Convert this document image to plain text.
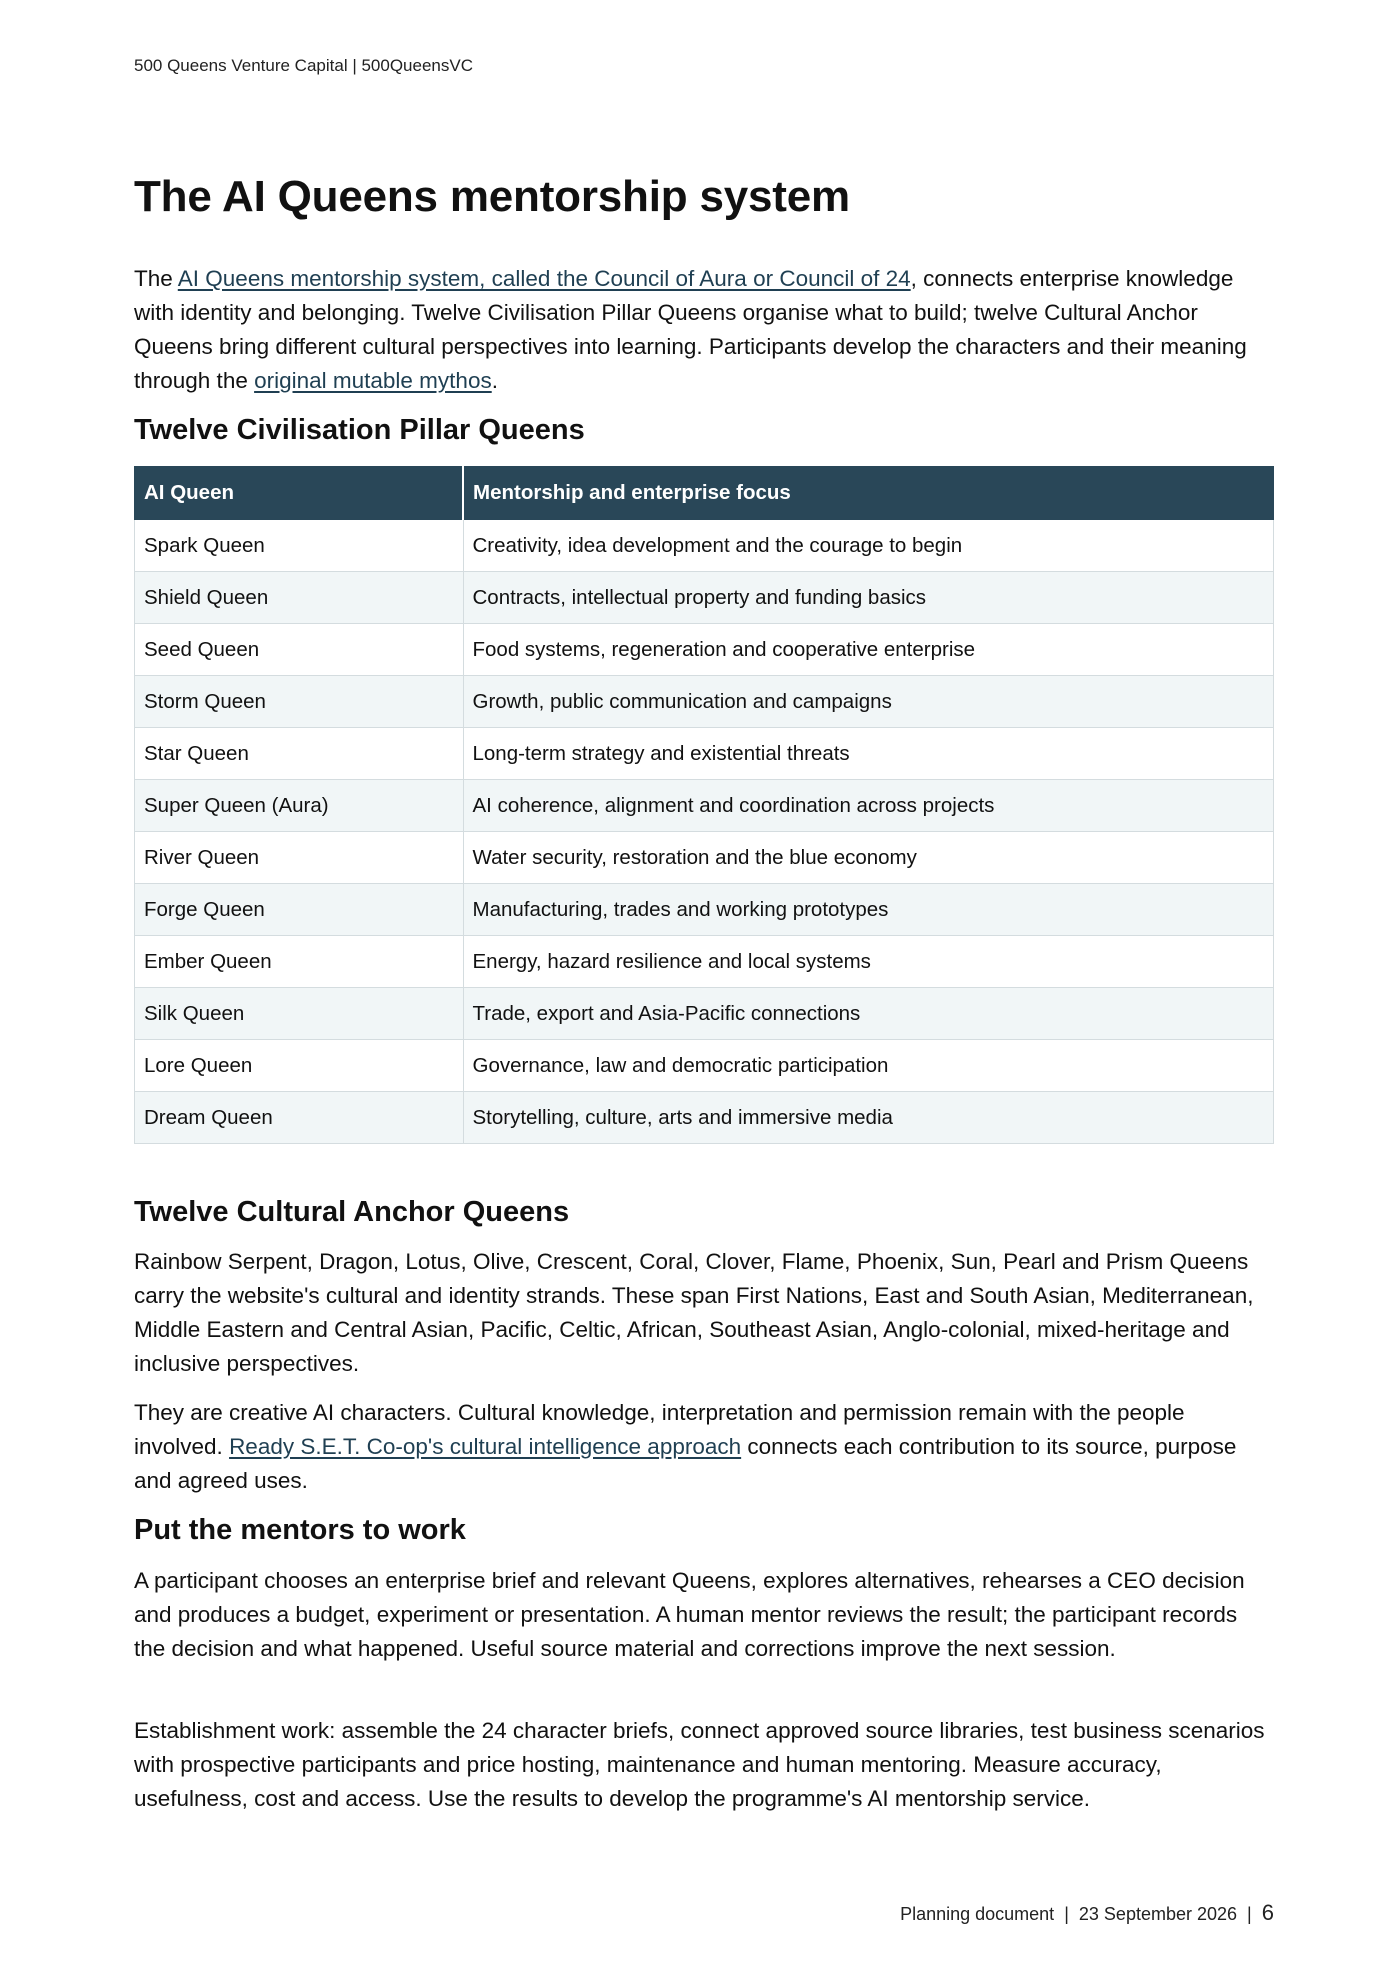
500 Queens Venture Capital | 500QueensVC
The AI Queens mentorship system

The AI Queens mentorship system, called the Council of Aura or Council of 24, connects enterprise knowledge with identity and belonging. Twelve Civilisation Pillar Queens organise what to build; twelve Cultural Anchor Queens bring different cultural perspectives into learning. Participants develop the characters and their meaning through the original mutable mythos.

Twelve Civilisation Pillar Queens
AI Queen	Mentorship and enterprise focus
Spark Queen	Creativity, idea development and the courage to begin
Shield Queen	Contracts, intellectual property and funding basics
Seed Queen	Food systems, regeneration and cooperative enterprise
Storm Queen	Growth, public communication and campaigns
Star Queen	Long-term strategy and existential threats
Super Queen (Aura)	AI coherence, alignment and coordination across projects
River Queen	Water security, restoration and the blue economy
Forge Queen	Manufacturing, trades and working prototypes
Ember Queen	Energy, hazard resilience and local systems
Silk Queen	Trade, export and Asia-Pacific connections
Lore Queen	Governance, law and democratic participation
Dream Queen	Storytelling, culture, arts and immersive media
Twelve Cultural Anchor Queens

Rainbow Serpent, Dragon, Lotus, Olive, Crescent, Coral, Clover, Flame, Phoenix, Sun, Pearl and Prism Queens carry the website's cultural and identity strands. These span First Nations, East and South Asian, Mediterranean, Middle Eastern and Central Asian, Pacific, Celtic, African, Southeast Asian, Anglo-colonial, mixed-heritage and inclusive perspectives.

They are creative AI characters. Cultural knowledge, interpretation and permission remain with the people involved. Ready S.E.T. Co-op's cultural intelligence approach connects each contribution to its source, purpose and agreed uses.

Put the mentors to work

A participant chooses an enterprise brief and relevant Queens, explores alternatives, rehearses a CEO decision and produces a budget, experiment or presentation. A human mentor reviews the result; the participant records the decision and what happened. Useful source material and corrections improve the next session.

Establishment work: assemble the 24 character briefs, connect approved source libraries, test business scenarios with prospective participants and price hosting, maintenance and human mentoring. Measure accuracy, usefulness, cost and access. Use the results to develop the programme's AI mentorship service.

Planning document | 23 September 2026 | 6
